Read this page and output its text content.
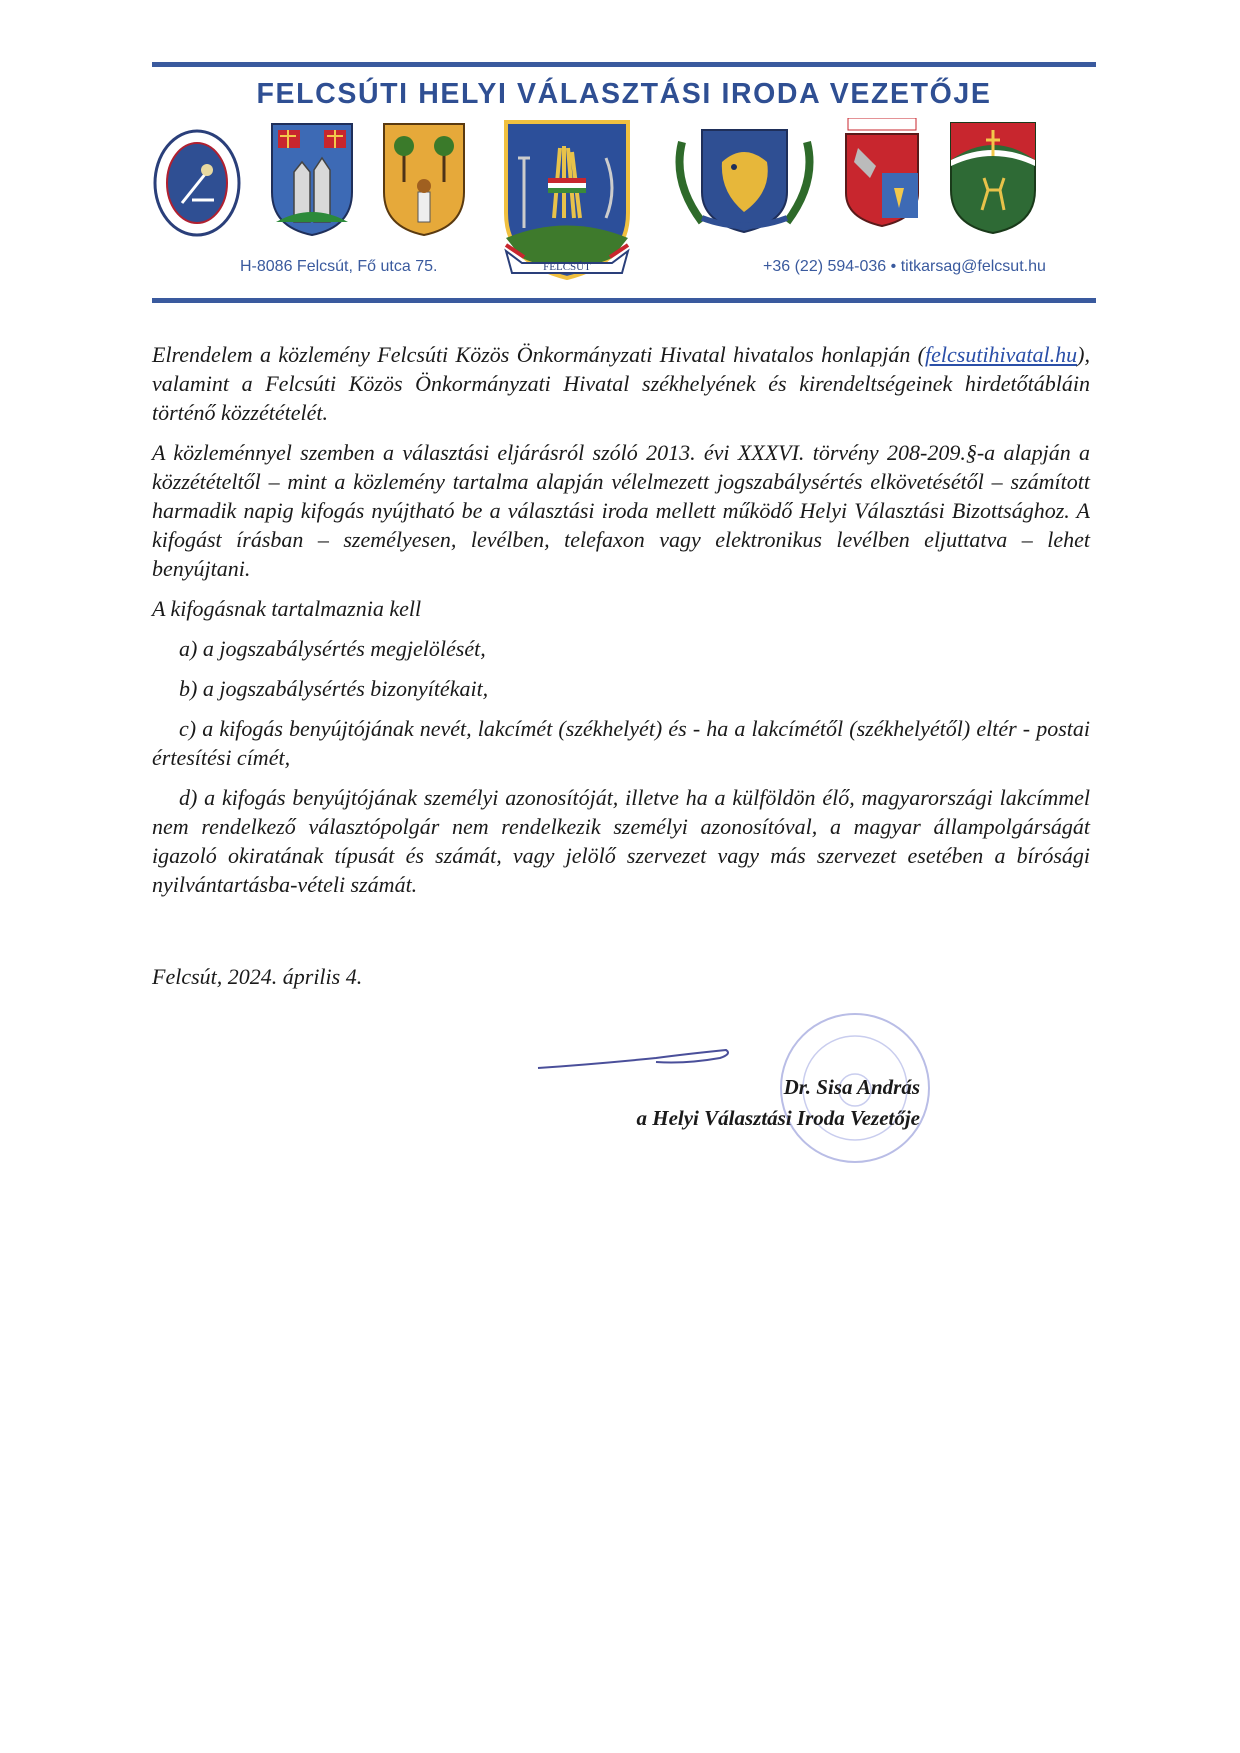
FELCSÚTI HELYI VÁLASZTÁSI IRODA VEZETŐJE
FELCSÚT
H-8086 Felcsút, Fő utca 75.	+36 (22) 594-036 • titkarsag@felcsut.hu

Elrendelem a közlemény Felcsúti Közös Önkormányzati Hivatal hivatalos honlapján (felcsutihivatal.hu), valamint a Felcsúti Közös Önkormányzati Hivatal székhelyének és kirendeltségeinek hirdetőtábláin történő közzétételét.

A közleménnyel szemben a választási eljárásról szóló 2013. évi XXXVI. törvény 208-209.§-a alapján a közzétételtől – mint a közlemény tartalma alapján vélelmezett jogszabálysértés elkövetésétől – számított harmadik napig kifogás nyújtható be a választási iroda mellett működő Helyi Választási Bizottsághoz. A kifogást írásban – személyesen, levélben, telefaxon vagy elektronikus levélben eljuttatva – lehet benyújtani.

A kifogásnak tartalmaznia kell

a) a jogszabálysértés megjelölését,

b) a jogszabálysértés bizonyítékait,

c) a kifogás benyújtójának nevét, lakcímét (székhelyét) és - ha a lakcímétől (székhelyétől) eltér - postai értesítési címét,

d) a kifogás benyújtójának személyi azonosítóját, illetve ha a külföldön élő, magyarországi lakcímmel nem rendelkező választópolgár nem rendelkezik személyi azonosítóval, a magyar állampolgárságát igazoló okiratának típusát és számát, vagy jelölő szervezet vagy más szervezet esetében a bírósági nyilvántartásba-vételi számát.

Felcsút, 2024. április 4.
Dr. Sisa András
a Helyi Választási Iroda Vezetője
